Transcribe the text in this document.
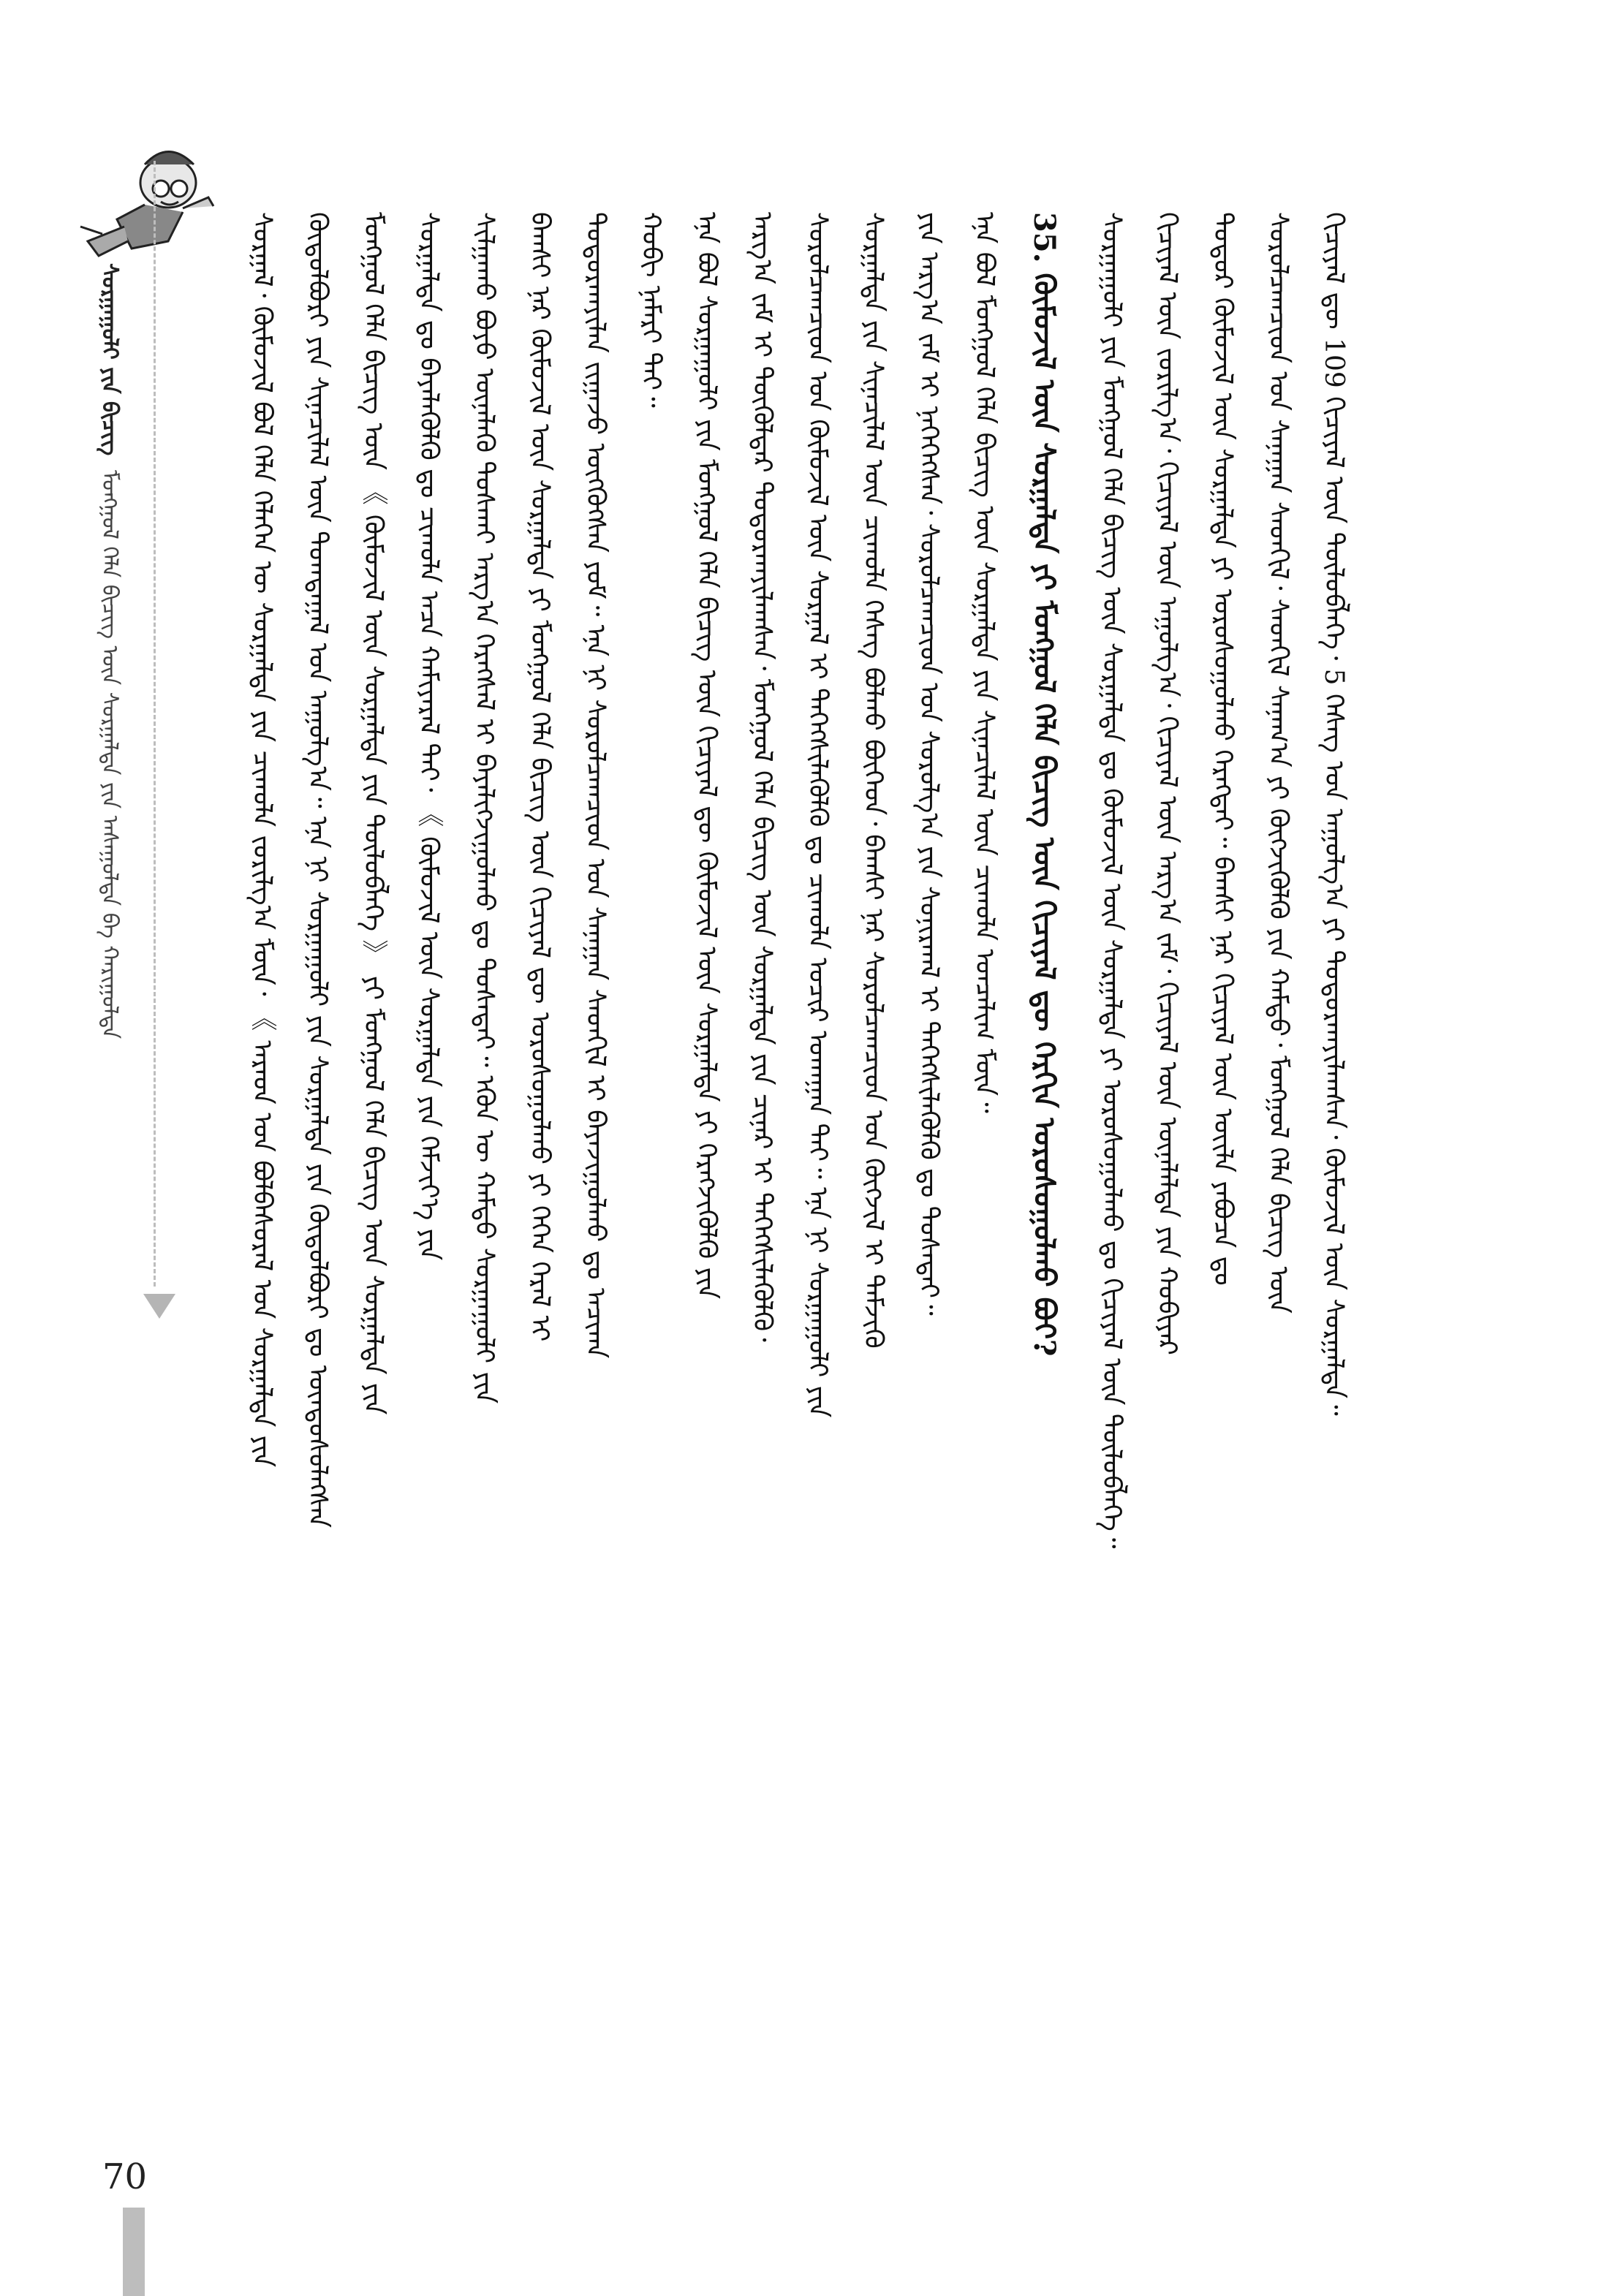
ᠰᠤᠷᠭᠠᠭᠤᠯᠢ ᠶᠢᠨ ᠪᠢᠴᠢᠭ
ᠮᠣᠩᠭᠣᠯ ᠬᠡᠯᠡ ᠪᠢᠴᠢᠭ ᠦᠨ ᠰᠤᠷᠭᠠᠯᠲᠠ ᠶᠢᠨ ᠠᠰᠠᠭᠤᠯᠲᠠ ᠪᠠ ᠬᠠᠷᠢᠭᠤᠯᠲᠠ	ᠰᠤᠷᠭᠠᠯ᠂ ᠬᠦᠮᠦᠵᠢᠯ ᠪᠣᠯ ᠬᠡᠯᠡ ᠬᠡᠯᠡᠭᠡᠨ ᠦ ᠰᠤᠷᠭᠠᠯᠲᠠ ᠶᠢᠨ ᠴᠢᠬᠤᠯᠠ ᠵᠣᠷᠢᠯᠭ᠎ᠠ ᠮᠥᠨ᠂ 《 ᠠᠷᠠᠳ ᠤᠨ ᠪᠣᠯᠪᠠᠰᠤᠷᠠᠯ ᠤᠨ ᠰᠤᠷᠭᠠᠯᠲᠠ ᠶᠢᠨ ᠬᠥᠲᠦᠯᠪᠦᠷᠢ ᠶᠢᠨ ᠰᠢᠨᠡᠴᠢᠯᠡᠯ ᠦᠨ ᠲᠣᠭᠲᠠᠭᠠᠯ ᠤᠨ ᠠᠭᠤᠯᠭ᠎ᠠ᠃ ᠡᠨᠡ ᠨᠢ ᠰᠤᠷᠭᠠᠭᠤᠯᠢ ᠶᠢᠨ ᠰᠤᠷᠭᠠᠯᠲᠠ ᠶᠢᠨ ᠬᠥᠲᠦᠯᠪᠦᠷᠢ ᠳᠤ ᠦᠨᠳᠦᠰᠦᠯᠡᠭᠰᠡᠨ ᠮᠣᠩᠭᠣᠯ ᠬᠡᠯᠡ ᠪᠢᠴᠢᠭ ᠦᠨ 《 ᠬᠦᠮᠦᠵᠢᠯ ᠦᠨ ᠰᠤᠷᠭᠠᠯᠲᠠ ᠶᠢᠨ ᠲᠥᠯᠥᠪᠯᠡᠭᠡ 》 ᠶᠢ ᠮᠣᠩᠭᠣᠯ ᠬᠡᠯᠡ ᠪᠢᠴᠢᠭ ᠦᠨ ᠰᠤᠷᠭᠠᠯᠲᠠ ᠶᠢᠨ ᠰᠤᠷᠭᠠᠯᠲᠠ ᠳᠤ ᠪᠡᠶᠡᠯᠡᠭᠦᠯᠬᠦ ᠳᠤ ᠴᠢᠬᠤᠯᠠ ᠠᠴᠠ ᠬᠠᠮᠢᠶᠠᠷᠠᠯ ᠲᠠᠢ᠂ 《 ᠬᠦᠮᠦᠵᠢᠯ ᠦᠨ ᠰᠤᠷᠭᠠᠯᠲᠠ ᠶᠢᠨ ᠬᠡᠮᠵᠢᠶ᠎ᠡ ᠶᠢᠨ ᠰᠢᠯᠭᠠᠬᠤ ᠪᠤᠶᠤ ᠦᠨᠡᠯᠡᠬᠦ ᠲᠤᠰᠬᠠᠢ ᠠᠷᠭ᠎ᠠ ᠬᠡᠷᠡᠭᠰᠡᠯ ᠢ ᠪᠠᠶᠠᠯᠢᠭ᠌ᠵᠢᠭᠤᠯᠬᠤ ᠳᠤ ᠲᠤᠰᠠᠲᠠᠢ᠃ ᠡᠭᠦᠨ ᠦ ᠬᠠᠮᠲᠤ ᠰᠤᠷᠭᠠᠭᠤᠯᠢ ᠶᠢᠨ ᠪᠠᠭᠰᠢ ᠨᠠᠷ ᠬᠦᠮᠦᠵᠢᠯ ᠦᠨ ᠰᠤᠷᠭᠠᠯᠲᠠ ᠶᠢ ᠮᠣᠩᠭᠣᠯ ᠬᠡᠯᠡ ᠪᠢᠴᠢᠭ ᠦᠨ ᠬᠢᠴᠢᠶᠡᠯ ᠳᠦ ᠤᠷᠤᠰᠤᠭᠤᠯᠬᠤ ᠶᠢ ᠭᠡᠭᠡᠨ ᠭᠡᠷᠡᠯ ᠢ ᠲᠣᠳᠤᠷᠬᠠᠶᠢᠯᠠᠨ ᠵᠢᠭᠠᠵᠤ ᠦᠭᠭᠦᠭᠰᠡᠨ ᠶᠤᠮ᠃ ᠡᠨᠡ ᠨᠢ ᠰᠤᠷᠤᠯᠴᠠᠭᠴᠢᠳ ᠤᠨ ᠰᠠᠨᠠᠭᠠᠨ ᠰᠡᠳᠬᠢᠯ ᠢ ᠪᠠᠶᠠᠵᠢᠭᠤᠯᠬᠤ ᠳᠤ ᠠᠴᠢᠬᠠ ᠬᠤᠪᠢ ᠨᠡᠮᠡᠷᠢ ᠲᠠᠢ᠃ ᠡᠨᠡ ᠪᠣᠯ ᠰᠤᠷᠭᠠᠭᠤᠯᠢ ᠶᠢᠨ ᠮᠣᠩᠭᠣᠯ ᠬᠡᠯᠡ ᠪᠢᠴᠢᠭ ᠦᠨ ᠬᠢᠴᠢᠶᠡᠯ ᠳᠦ ᠬᠦᠮᠦᠵᠢᠯ ᠦᠨ ᠰᠤᠷᠭᠠᠯᠲᠠ ᠶᠢ ᠬᠡᠷᠡᠭᠵᠢᠭᠦᠯᠬᠦ ᠶᠢᠨ ᠠᠷᠭ᠎ᠠ ᠵᠠᠮ ᠢ ᠲᠥᠭᠦᠯᠳᠡᠷ ᠲᠣᠳᠤᠷᠬᠠᠶᠢᠯᠠᠭᠰᠠᠨ᠂ ᠮᠣᠩᠭᠣᠯ ᠬᠡᠯᠡ ᠪᠢᠴᠢᠭ ᠦᠨ ᠰᠤᠷᠭᠠᠯᠲᠠ ᠶᠢᠨ ᠴᠢᠨᠠᠷ ᠢ ᠳᠡᠭᠡᠭᠰᠢᠯᠡᠭᠦᠯᠬᠦ᠂ ᠰᠤᠷᠤᠯᠴᠠᠭᠴᠢᠳ ᠤᠨ ᠬᠦᠮᠦᠵᠢᠯ ᠦᠨ ᠰᠤᠷᠭᠠᠯ ᠢ ᠳᠡᠭᠡᠭᠰᠢᠯᠡᠭᠦᠯᠬᠦ ᠳᠤ ᠴᠢᠬᠤᠯᠠ ᠤᠴᠢᠷ ᠤᠬᠠᠭᠠᠨ ᠲᠠᠢ᠃ ᠡᠨᠡ ᠨᠢ ᠰᠤᠷᠭᠠᠭᠤᠯᠢ ᠶᠢᠨ ᠰᠤᠷᠭᠠᠯᠲᠠ ᠶᠢᠨ ᠰᠢᠨᠡᠴᠢᠯᠡᠯ ᠦᠨ ᠴᠢᠬᠤᠯᠠ ᠬᠡᠰᠡᠭ ᠪᠣᠯᠬᠤ ᠪᠥᠭᠡᠳ᠂ ᠪᠠᠭᠰᠢ ᠨᠠᠷ ᠰᠤᠷᠤᠯᠴᠠᠭᠴᠢᠳ ᠤᠨ ᠬᠥᠭᠵᠢᠯ ᠢ ᠳᠡᠮᠵᠢᠬᠦ ᠶᠢᠨ ᠠᠷᠭ᠎ᠠ ᠵᠠᠮ ᠢ ᠨᠡᠭᠡᠭᠡᠭᠰᠡᠨ᠂ ᠰᠤᠷᠤᠯᠴᠠᠭᠴᠢᠳ ᠤᠨ ᠰᠤᠷᠤᠯᠭ᠎ᠠ ᠶᠢᠨ ᠰᠣᠨᠢᠷᠬᠠᠯ ᠢ ᠳᠡᠭᠡᠭᠰᠢᠯᠡᠭᠦᠯᠬᠦ ᠳᠤ ᠲᠤᠰᠠᠲᠠᠢ᠃ ᠡᠨᠡ ᠪᠣᠯ ᠮᠣᠩᠭᠣᠯ ᠬᠡᠯᠡ ᠪᠢᠴᠢᠭ ᠦᠨ ᠰᠤᠷᠭᠠᠯᠲᠠ ᠶᠢᠨ ᠰᠢᠨᠡᠴᠢᠯᠡᠯ ᠦᠨ ᠴᠢᠬᠤᠯᠠ ᠣᠨᠴᠠᠯᠢᠭ ᠮᠥᠨ᠃ 35. ᠬᠦᠮᠦᠵᠢᠯ ᠦᠨ ᠰᠤᠷᠭᠠᠯᠲᠠ ᠶᠢ ᠮᠣᠩᠭᠣᠯ ᠬᠡᠯᠡ ᠪᠢᠴᠢᠭ ᠦᠨ ᠬᠢᠴᠢᠶᠡᠯ ᠳᠦ ᠬᠡᠷᠬᠢᠨ ᠤᠷᠤᠰᠤᠭᠤᠯᠬᠤ ᠪᠤᠢ?	ᠰᠤᠷᠭᠠᠭᠤᠯᠢ ᠶᠢᠨ ᠮᠣᠩᠭᠣᠯ ᠬᠡᠯᠡ ᠪᠢᠴᠢᠭ ᠦᠨ ᠰᠤᠷᠭᠠᠯᠲᠠ ᠳᠤ ᠬᠦᠮᠦᠵᠢᠯ ᠦᠨ ᠰᠤᠷᠭᠠᠯᠲᠠ ᠶᠢ ᠤᠷᠤᠰᠤᠭᠤᠯᠬᠤ ᠳᠤ ᠬᠢᠴᠢᠶᠡᠯ ᠦᠨ ᠲᠥᠯᠥᠪᠯᠡᠭᠡ᠃ ᠬᠢᠴᠢᠶᠡᠯ ᠦᠨ ᠵᠣᠷᠢᠯᠭ᠎ᠠ᠂ ᠬᠢᠴᠢᠶᠡᠯ ᠦᠨ ᠠᠭᠤᠯᠭ᠎ᠠ᠂ ᠬᠢᠴᠢᠶᠡᠯ ᠦᠨ ᠠᠷᠭ᠎ᠠ ᠵᠠᠮ᠂ ᠬᠢᠴᠢᠶᠡᠯ ᠦᠨ ᠦᠨᠡᠯᠡᠯᠲᠡ ᠶᠢᠨ ᠬᠤᠪᠢᠶᠠᠷ ᠳᠣᠲᠣᠷ ᠬᠦᠮᠦᠵᠢᠯ ᠦᠨ ᠰᠤᠷᠭᠠᠯᠲᠠ ᠶᠢ ᠤᠷᠤᠰᠤᠭᠤᠯᠬᠤ ᠬᠡᠷᠡᠭᠲᠡᠢ᠃ ᠪᠠᠭᠰᠢ ᠨᠠᠷ ᠬᠢᠴᠢᠶᠡᠯ ᠦᠨ ᠦᠢᠯᠡ ᠶᠠᠪᠤᠴᠠ ᠳᠤ ᠰᠤᠷᠤᠯᠴᠠᠭᠴᠢᠳ ᠤᠨ ᠰᠠᠨᠠᠭᠠᠨ ᠰᠡᠳᠬᠢᠯ᠂ ᠰᠡᠳᠬᠢᠯ ᠰᠠᠨᠠᠭ᠎ᠠ ᠶᠢ ᠬᠥᠭᠵᠢᠭᠦᠯᠬᠦ ᠶᠢᠨ ᠬᠠᠮᠲᠤ᠂ ᠮᠣᠩᠭᠣᠯ ᠬᠡᠯᠡ ᠪᠢᠴᠢᠭ ᠦᠨ ᠬᠢᠴᠢᠶᠡᠯ ᠳᠦ 109 ᠬᠢᠴᠢᠶᠡᠯ ᠦᠨ ᠲᠥᠯᠥᠪᠯᠡᠭᠡ᠂ 5 ᠬᠡᠰᠡᠭ ᠤᠨ ᠠᠭᠤᠯᠭ᠎ᠠ ᠶᠢ ᠲᠣᠳᠤᠷᠬᠠᠶᠢᠯᠠᠭᠰᠠᠨ᠂ ᠬᠦᠮᠦᠵᠢᠯ ᠦᠨ ᠰᠤᠷᠭᠠᠯᠲᠠ᠃
70
